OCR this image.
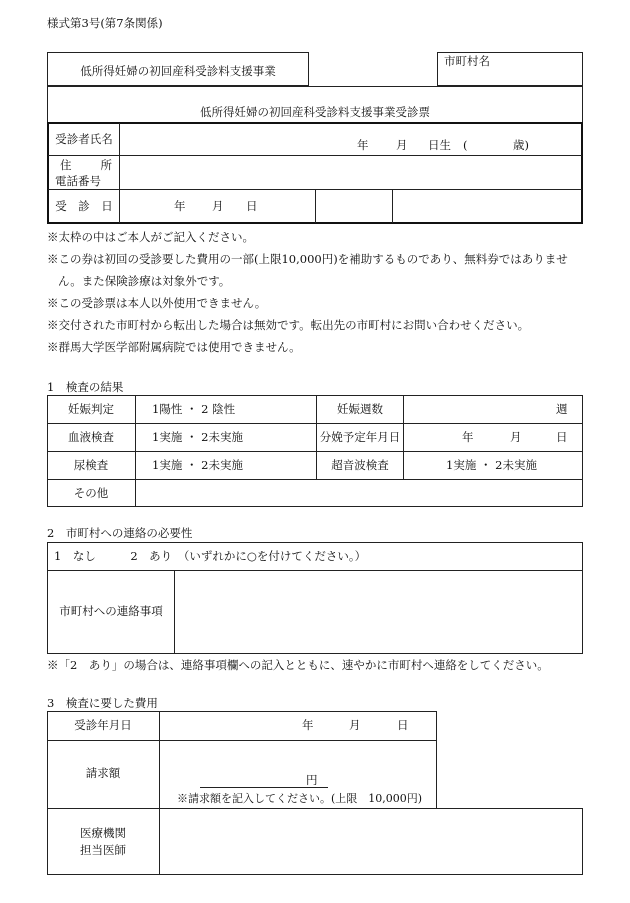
様式第3号(第7条関係)
低所得妊婦の初回産科受診料支援事業
市町村名
低所得妊婦の初回産科受診料支援事業受診票
受診者氏名	年 月 日生 (	歳)
住　　所
電話番号
受　診　日	年 月 日
※太枠の中はご本人がご記入ください。
※この券は初回の受診要した費用の一部(上限10,000円)を補助するものであり、無料券ではありませ
ん。また保険診療は対象外です。
※この受診票は本人以外使用できません。
※交付された市町村から転出した場合は無効です。転出先の市町村にお問い合わせください。
※群馬大学医学部附属病院では使用できません。
1　検査の結果
妊娠判定	1陽性 ・ 2 陰性	妊娠週数	週
血液検査	1実施 ・ 2未実施	分娩予定年月日	年	月	日
尿検査	1実施 ・ 2未実施	超音波検査	1実施 ・ 2未実施
その他
2　市町村への連絡の必要性
1　なし　　　2　あり　（いずれかに○を付けてください。）
市町村への連絡事項
※「2　あり」の場合は、連絡事項欄への記入とともに、速やかに市町村へ連絡をしてください。
3　検査に要した費用
受診年月日	年	月	日
請求額	円
※請求額を記入してください。(上限　10,000円)
医療機関
担当医師
